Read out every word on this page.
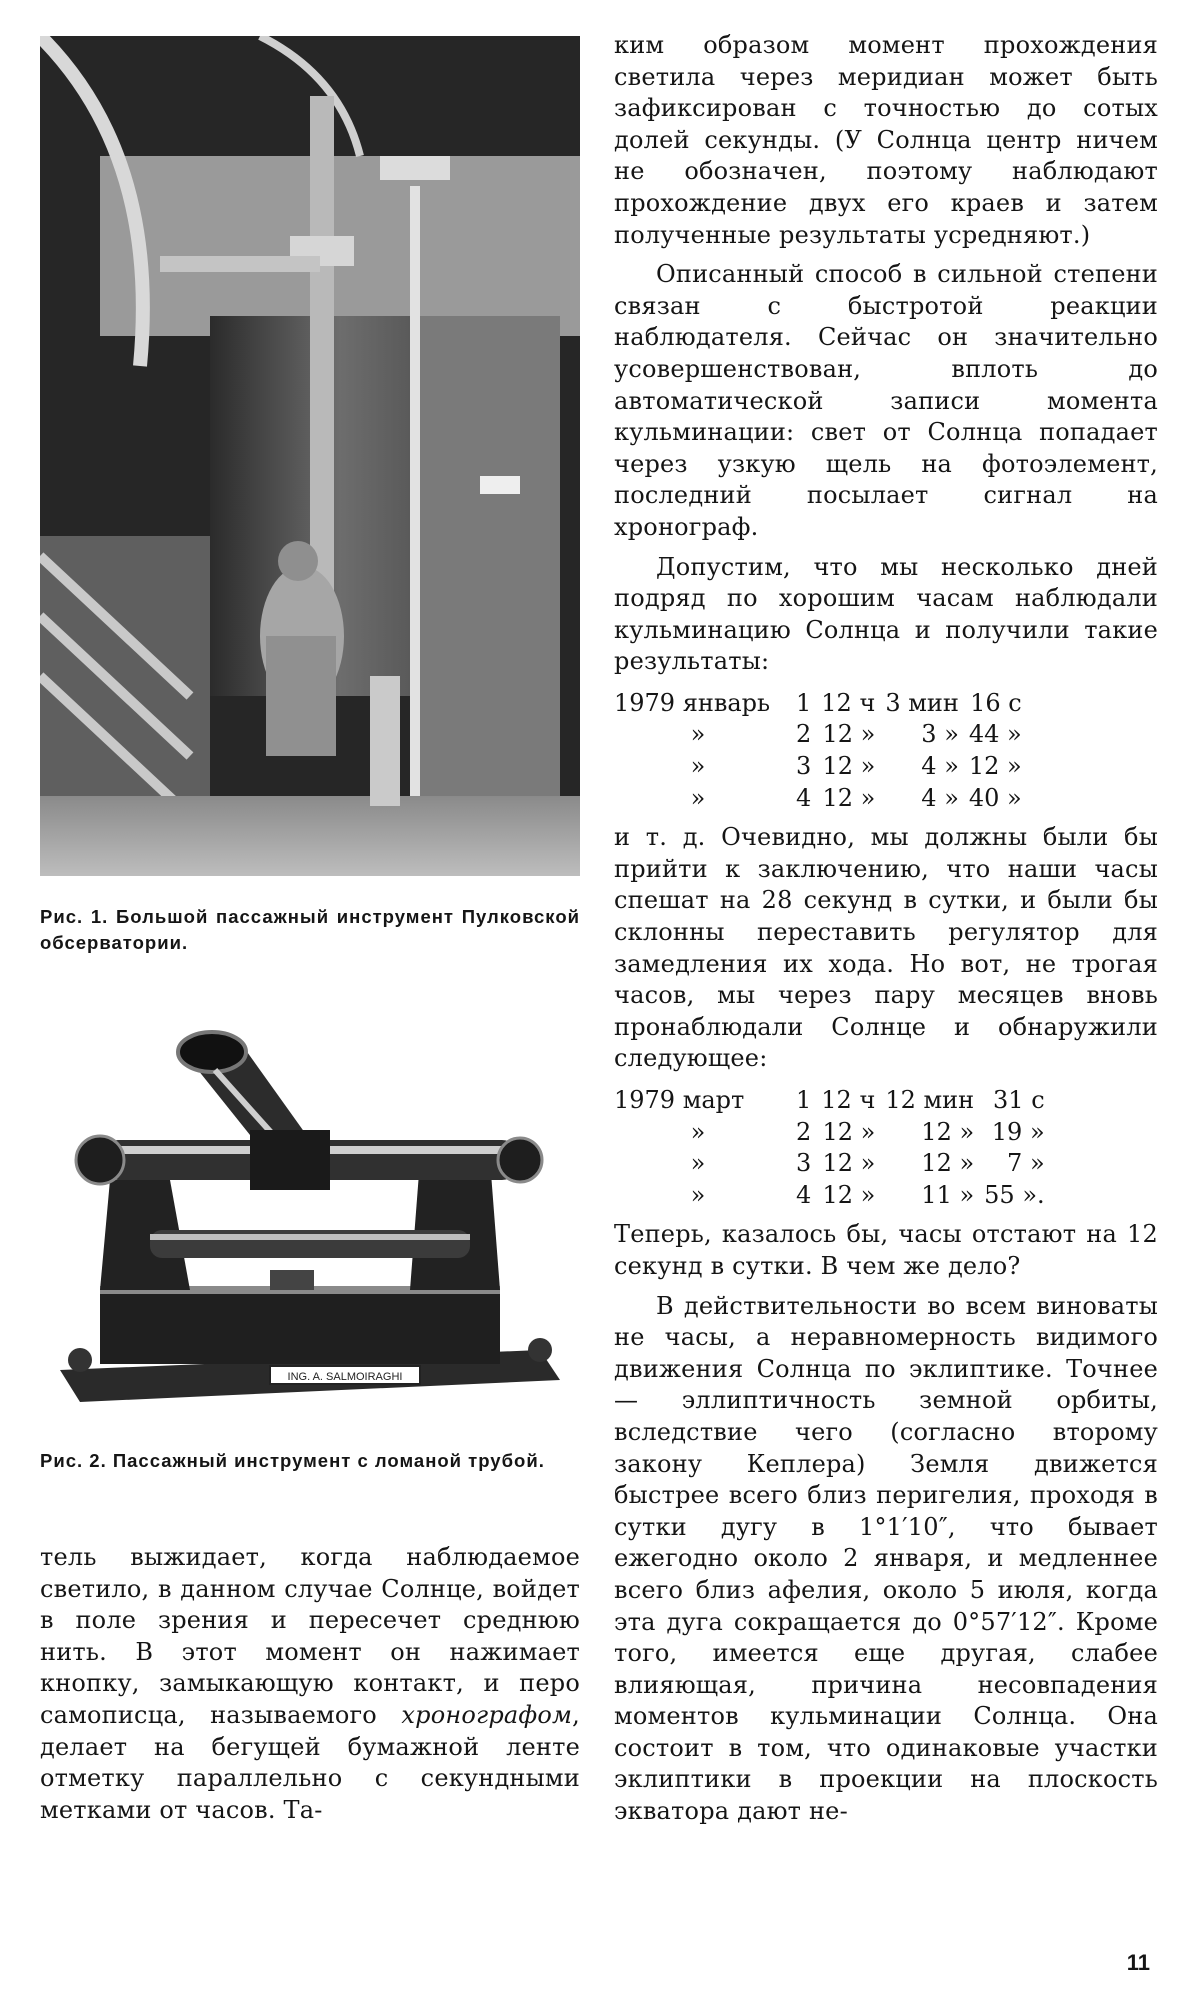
Рис. 1. Большой пассажный инструмент Пулковской обсерватории.

ING. A. SALMOIRAGHI

Рис. 2. Пассажный инструмент с ломаной трубой.

тель выжидает, когда наблюдаемое светило, в данном случае Солнце, войдет в поле зрения и пересечет среднюю нить. В этот момент он нажимает кнопку, замыкающую контакт, и перо самописца, называемого хронографом, делает на бегущей бумажной ленте отметку параллельно с секундными метками от часов. Та-

ким образом момент прохождения светила через меридиан может быть зафиксирован с точностью до сотых долей секунды. (У Солнца центр ничем не обозначен, поэтому наблюдают прохождение двух его краев и затем полученные результаты усредняют.)

Описанный способ в сильной степени связан с быстротой реакции наблюдателя. Сейчас он значительно усовершенствован, вплоть до автоматической записи момента кульминации: свет от Солнца попадает через узкую щель на фотоэлемент, последний посылает сигнал на хронограф.

Допустим, что мы несколько дней подряд по хорошим часам наблюдали кульминацию Солнца и получили такие результаты:

1979 январь	1	12 ч	3 мин	16 с
»	2	12 »	3 »	44 »
»	3	12 »	4 »	12 »
»	4	12 »	4 »	40 »

и т. д. Очевидно, мы должны были бы прийти к заключению, что наши часы спешат на 28 секунд в сутки, и были бы склонны переставить регулятор для замедления их хода. Но вот, не трогая часов, мы через пару месяцев вновь пронаблюдали Солнце и обнаружили следующее:

1979 март	1	12 ч	12 мин	31 с
»	2	12 »	12 »	19 »
»	3	12 »	12 »	7 »
»	4	12 »	11 »	55 ».

Теперь, казалось бы, часы отстают на 12 секунд в сутки. В чем же дело?

В действительности во всем виноваты не часы, а неравномерность видимого движения Солнца по эклиптике. Точнее — эллиптичность земной орбиты, вследствие чего (согласно второму закону Кеплера) Земля движется быстрее всего близ перигелия, проходя в сутки дугу в 1°1′10″, что бывает ежегодно около 2 января, и медленнее всего близ афелия, около 5 июля, когда эта дуга сокращается до 0°57′12″. Кроме того, имеется еще другая, слабее влияющая, причина несовпадения моментов кульминации Солнца. Она состоит в том, что одинаковые участки эклиптики в проекции на плоскость экватора дают не-

11
